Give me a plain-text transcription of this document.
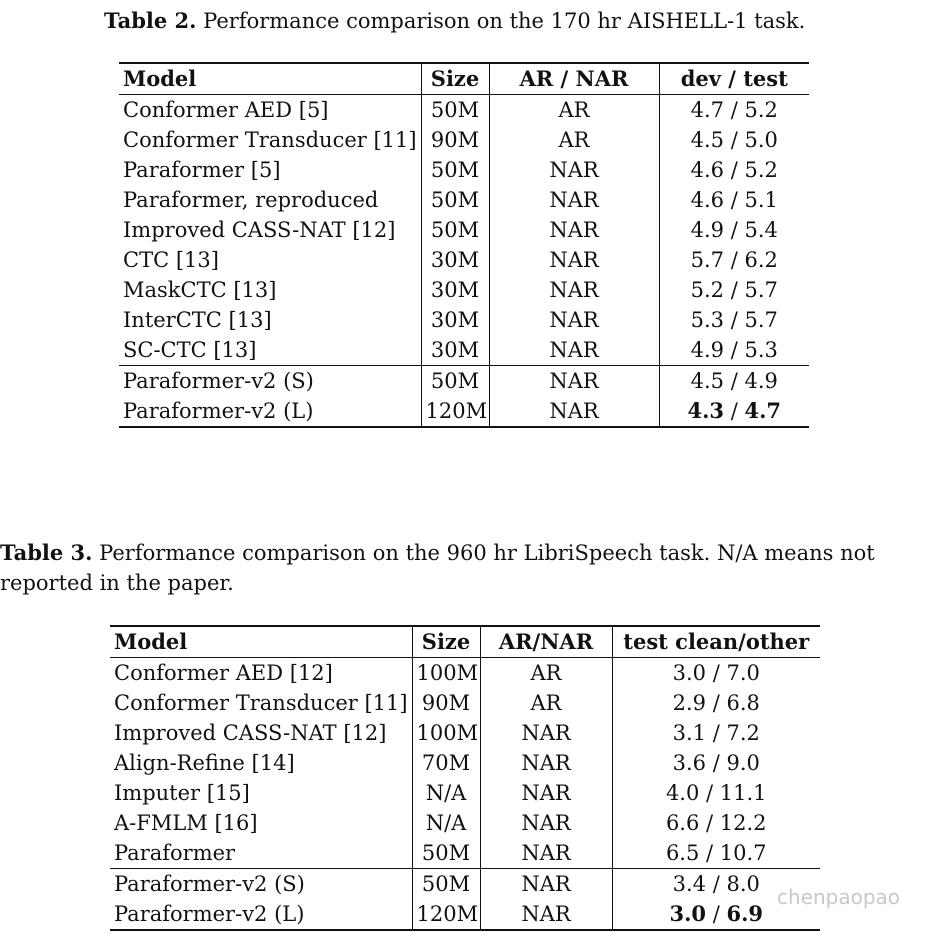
Table 2. Performance comparison on the 170 hr AISHELL-1 task.
Model	Size	AR / NAR	dev / test
Conformer AED [5]	50M	AR	4.7 / 5.2
Conformer Transducer [11]	90M	AR	4.5 / 5.0
Paraformer [5]	50M	NAR	4.6 / 5.2
Paraformer, reproduced	50M	NAR	4.6 / 5.1
Improved CASS-NAT [12]	50M	NAR	4.9 / 5.4
CTC [13]	30M	NAR	5.7 / 6.2
MaskCTC [13]	30M	NAR	5.2 / 5.7
InterCTC [13]	30M	NAR	5.3 / 5.7
SC-CTC [13]	30M	NAR	4.9 / 5.3
Paraformer-v2 (S)	50M	NAR	4.5 / 4.9
Paraformer-v2 (L)	120M	NAR	4.3 / 4.7
Table 3. Performance comparison on the 960 hr LibriSpeech task. N/A means not
reported in the paper.
Model	Size	AR/NAR	test clean/other
Conformer AED [12]	100M	AR	3.0 / 7.0
Conformer Transducer [11]	90M	AR	2.9 / 6.8
Improved CASS-NAT [12]	100M	NAR	3.1 / 7.2
Align-Refine [14]	70M	NAR	3.6 / 9.0
Imputer [15]	N/A	NAR	4.0 / 11.1
A-FMLM [16]	N/A	NAR	6.6 / 12.2
Paraformer	50M	NAR	6.5 / 10.7
Paraformer-v2 (S)	50M	NAR	3.4 / 8.0
Paraformer-v2 (L)	120M	NAR	3.0 / 6.9
chenpaopao
